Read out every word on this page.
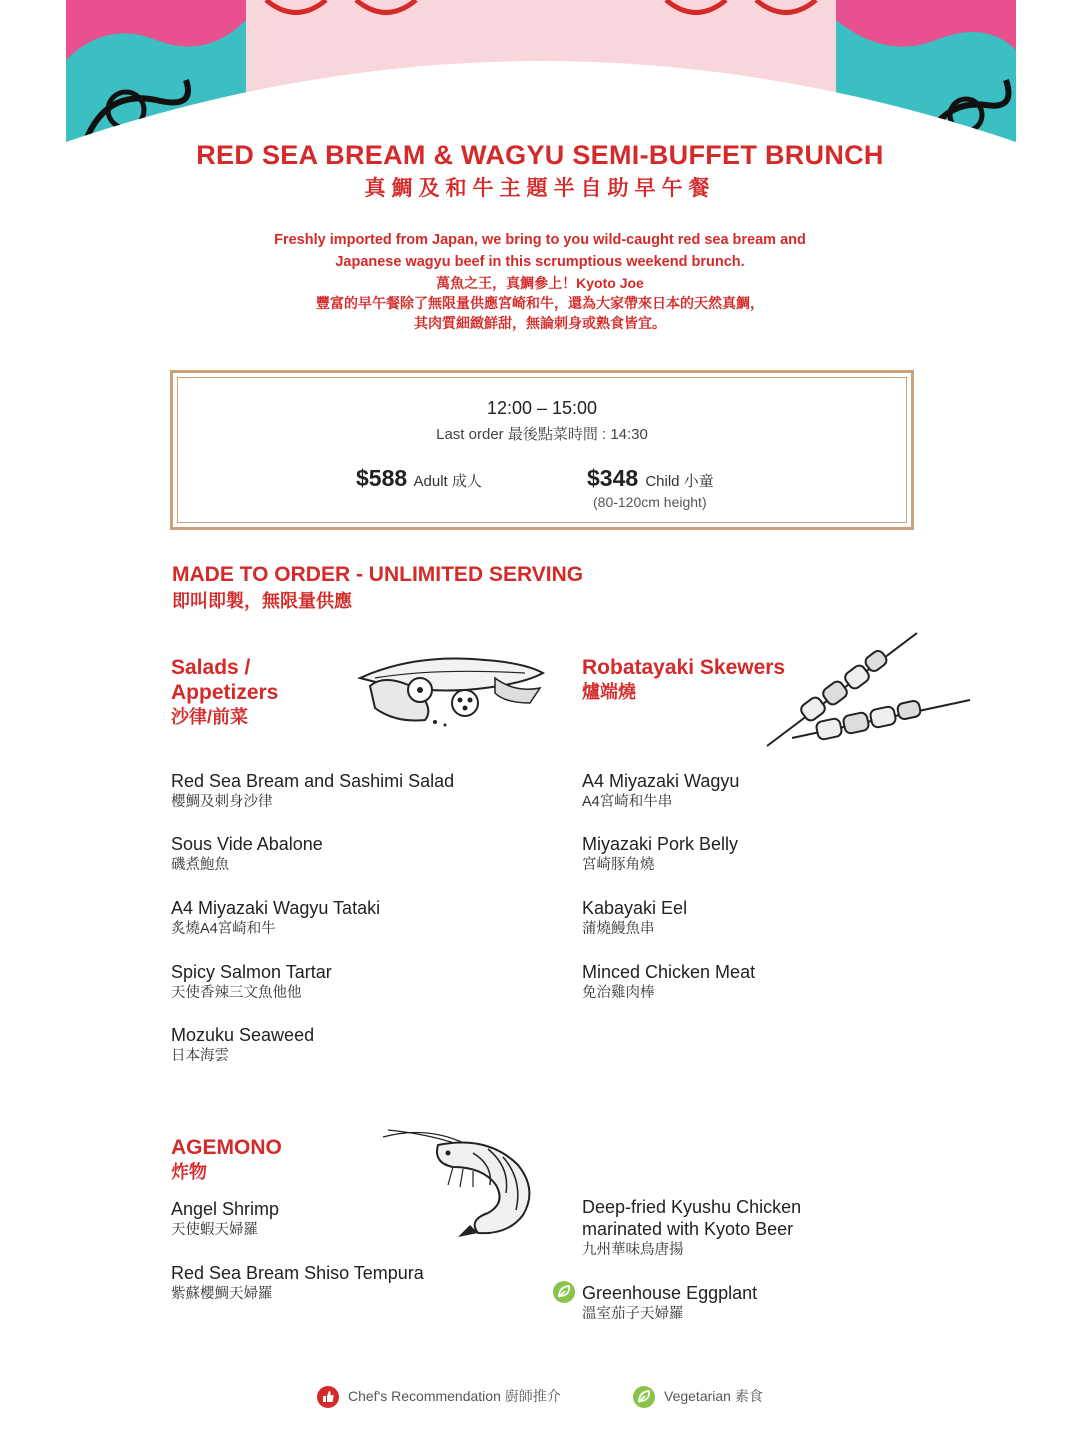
RED SEA BREAM & WAGYU SEMI-BUFFET BRUNCH
真鯛及和牛主題半自助早午餐
Freshly imported from Japan, we bring to you wild-caught red sea bream and
Japanese wagyu beef in this scrumptious weekend brunch.
萬魚之王，真鯛參上！Kyoto Joe
豐富的早午餐除了無限量供應宮崎和牛，還為大家帶來日本的天然真鯛，
其肉質細緻鮮甜，無論刺身或熟食皆宜。
12:00 – 15:00
Last order 最後點菜時間 : 14:30
$588 Adult 成人	$348 Child 小童
(80-120cm height)
MADE TO ORDER - UNLIMITED SERVING
即叫即製，無限量供應
Salads /
Appetizers
沙律/前菜
Red Sea Bream and Sashimi Salad
櫻鯛及刺身沙律
Sous Vide Abalone
磯煮鮑魚
A4 Miyazaki Wagyu Tataki
炙燒A4宮崎和牛
Spicy Salmon Tartar
天使香辣三文魚他他
Mozuku Seaweed
日本海雲
Robatayaki Skewers
爐端燒
A4 Miyazaki Wagyu
A4宮崎和牛串
Miyazaki Pork Belly
宮崎豚角燒
Kabayaki Eel
蒲燒鰻魚串
Minced Chicken Meat
免治雞肉棒
AGEMONO
炸物
Angel Shrimp
天使蝦天婦羅
Red Sea Bream Shiso Tempura
紫蘇櫻鯛天婦羅
Deep-fried Kyushu Chicken
marinated with Kyoto Beer
九州華味鳥唐揚
Greenhouse Eggplant
溫室茄子天婦羅
Chef's Recommendation 廚師推介	Vegetarian 素食
